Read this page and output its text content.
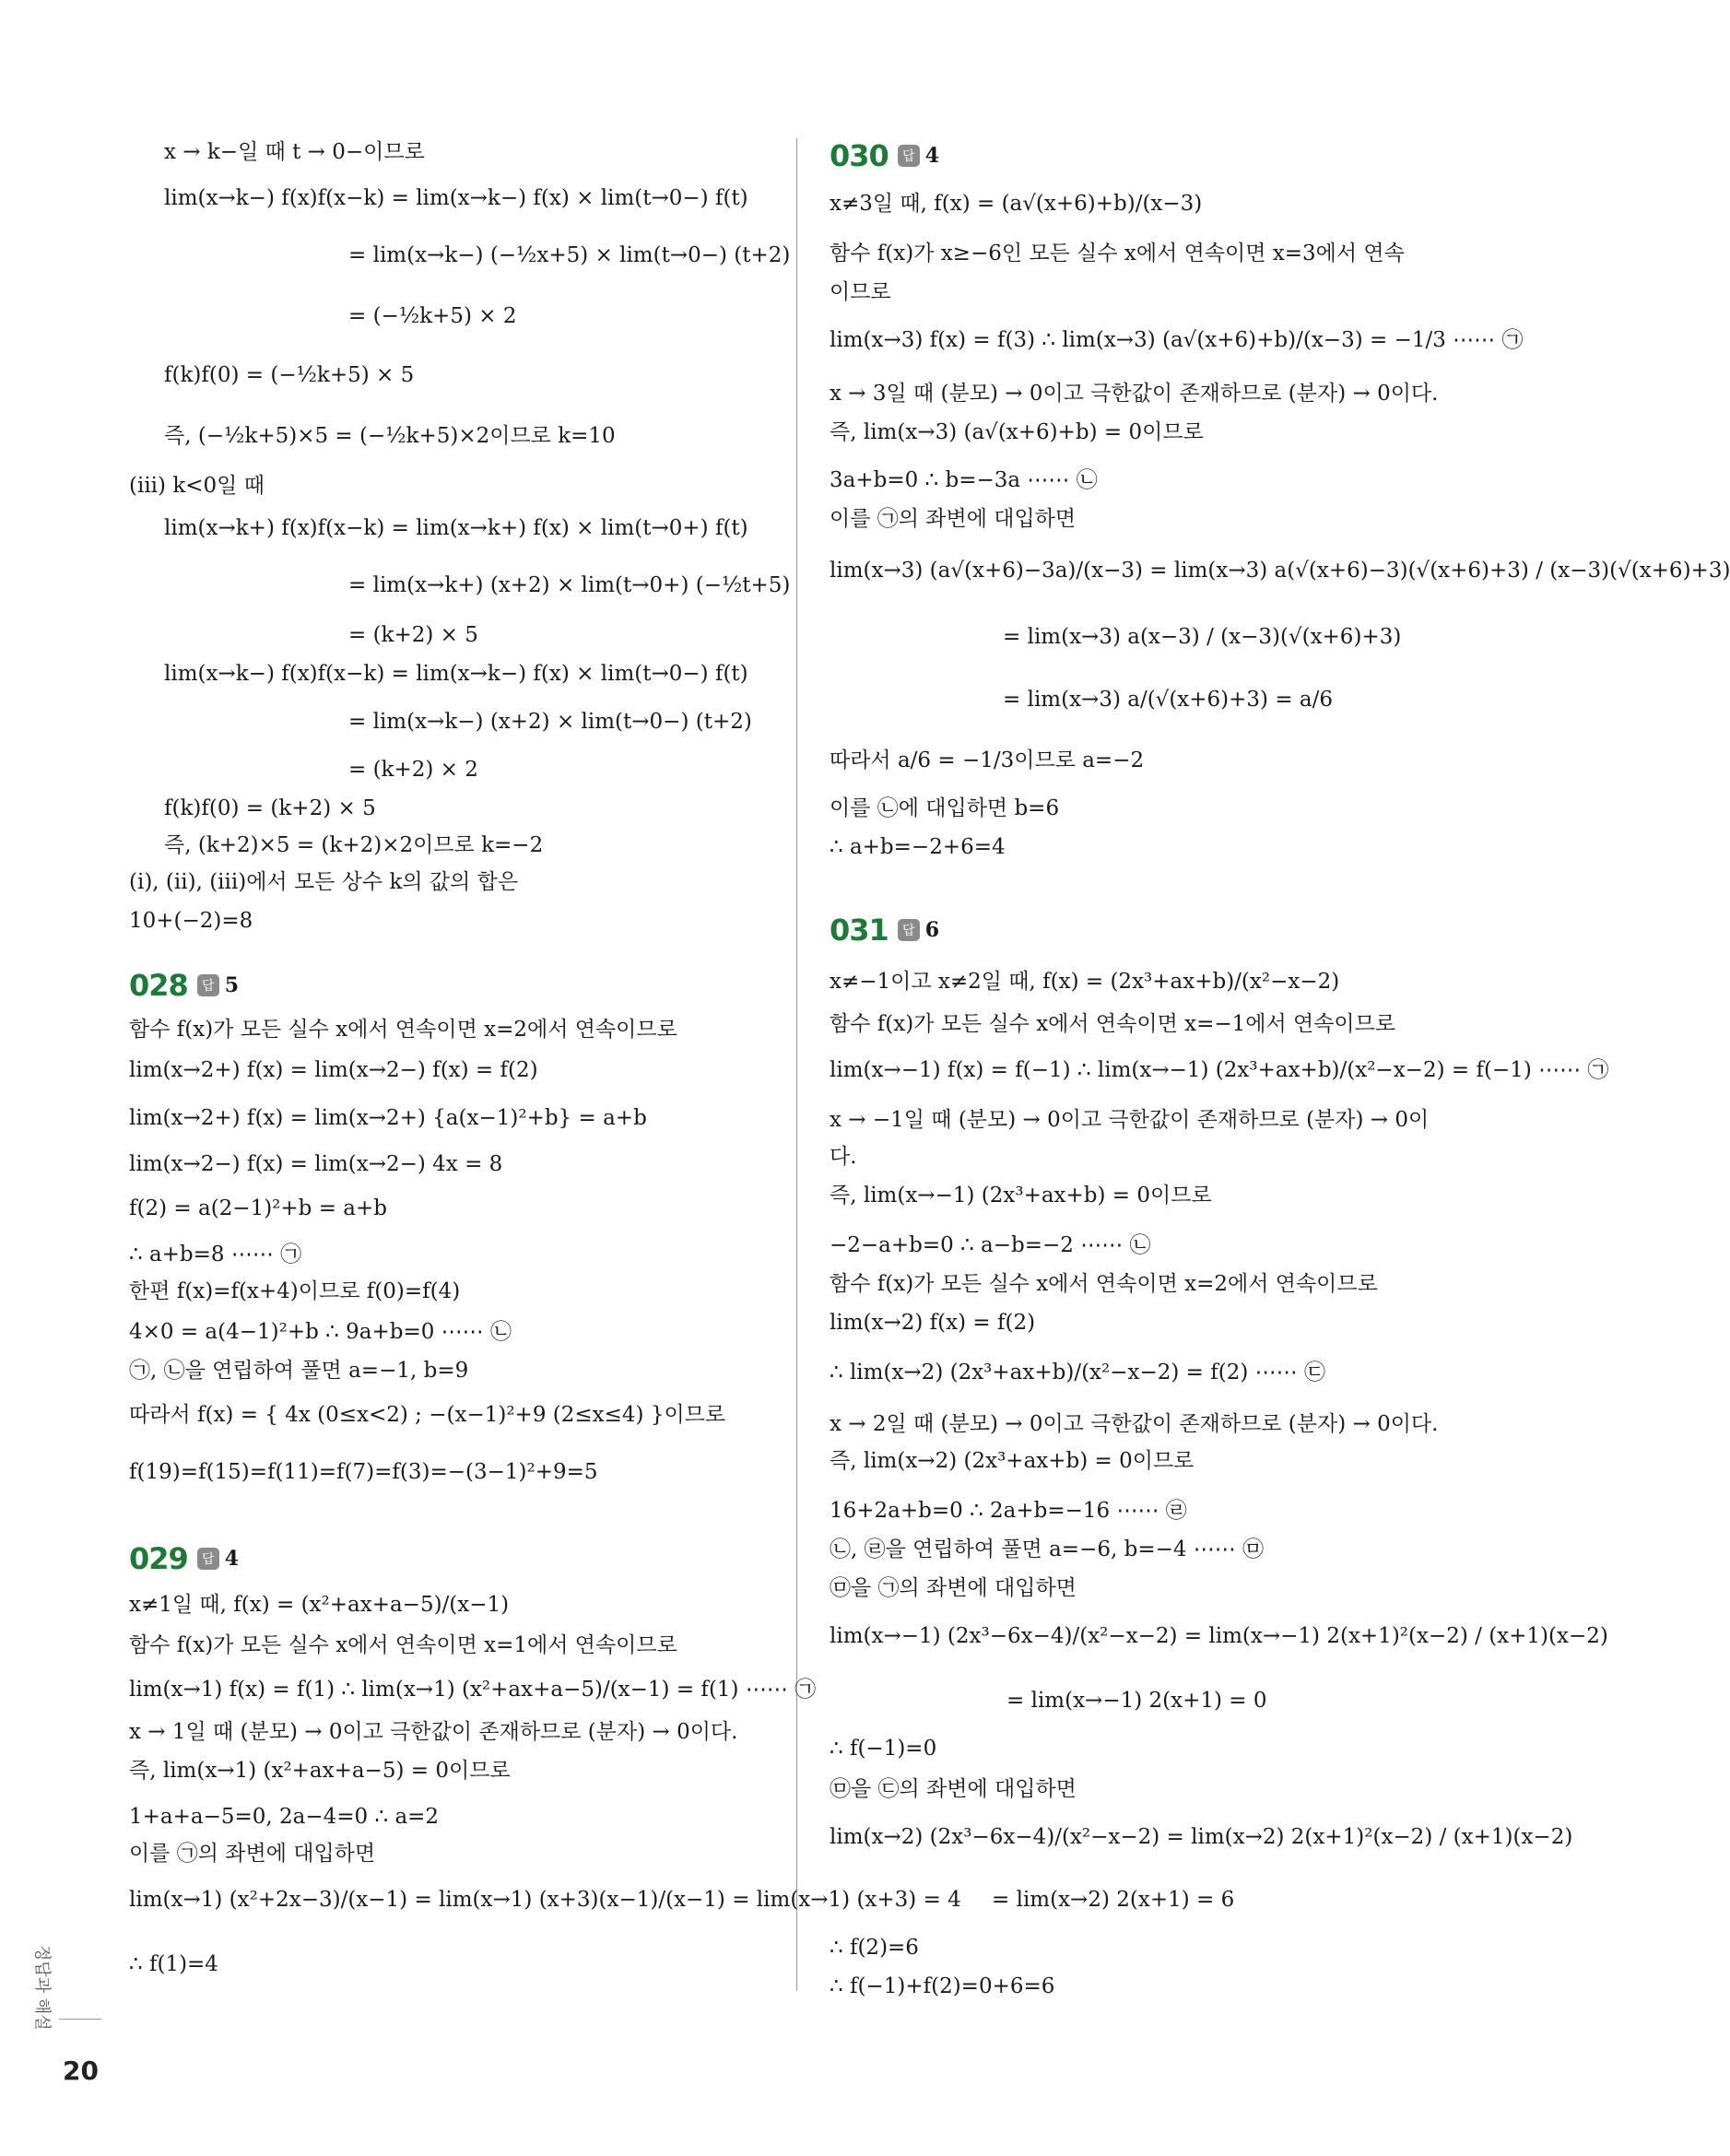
028	답 5
029	답 4
x → k−일 때 t → 0−이므로
lim(x→k−) f(x)f(x−k) = lim(x→k−) f(x) × lim(t→0−) f(t)
= lim(x→k−) (−½x+5) × lim(t→0−) (t+2)
= (−½k+5) × 2
f(k)f(0) = (−½k+5) × 5
즉, (−½k+5)×5 = (−½k+5)×2이므로 k=10
(iii) k<0일 때
lim(x→k+) f(x)f(x−k) = lim(x→k+) f(x) × lim(t→0+) f(t)
= lim(x→k+) (x+2) × lim(t→0+) (−½t+5)
= (k+2) × 5
lim(x→k−) f(x)f(x−k) = lim(x→k−) f(x) × lim(t→0−) f(t)
= lim(x→k−) (x+2) × lim(t→0−) (t+2)
= (k+2) × 2
f(k)f(0) = (k+2) × 5
즉, (k+2)×5 = (k+2)×2이므로 k=−2
(i), (ii), (iii)에서 모든 상수 k의 값의 합은
10+(−2)=8
함수 f(x)가 모든 실수 x에서 연속이면 x=2에서 연속이므로
lim(x→2+) f(x) = lim(x→2−) f(x) = f(2)
lim(x→2+) f(x) = lim(x→2+) {a(x−1)²+b} = a+b
lim(x→2−) f(x) = lim(x→2−) 4x = 8
f(2) = a(2−1)²+b = a+b
∴ a+b=8 ⋯⋯ ㉠
한편 f(x)=f(x+4)이므로 f(0)=f(4)
4×0 = a(4−1)²+b ∴ 9a+b=0 ⋯⋯ ㉡
㉠, ㉡을 연립하여 풀면 a=−1, b=9
따라서 f(x) = { 4x (0≤x<2) ; −(x−1)²+9 (2≤x≤4) }이므로
f(19)=f(15)=f(11)=f(7)=f(3)=−(3−1)²+9=5
x≠1일 때, f(x) = (x²+ax+a−5)/(x−1)
함수 f(x)가 모든 실수 x에서 연속이면 x=1에서 연속이므로
lim(x→1) f(x) = f(1) ∴ lim(x→1) (x²+ax+a−5)/(x−1) = f(1) ⋯⋯ ㉠
x → 1일 때 (분모) → 0이고 극한값이 존재하므로 (분자) → 0이다.
즉, lim(x→1) (x²+ax+a−5) = 0이므로
1+a+a−5=0, 2a−4=0 ∴ a=2
이를 ㉠의 좌변에 대입하면
lim(x→1) (x²+2x−3)/(x−1) = lim(x→1) (x+3)(x−1)/(x−1) = lim(x→1) (x+3) = 4
∴ f(1)=4
030	답 4
031	답 6
x≠3일 때, f(x) = (a√(x+6)+b)/(x−3)
함수 f(x)가 x≥−6인 모든 실수 x에서 연속이면 x=3에서 연속
이므로
lim(x→3) f(x) = f(3) ∴ lim(x→3) (a√(x+6)+b)/(x−3) = −1/3 ⋯⋯ ㉠
x → 3일 때 (분모) → 0이고 극한값이 존재하므로 (분자) → 0이다.
즉, lim(x→3) (a√(x+6)+b) = 0이므로
3a+b=0 ∴ b=−3a ⋯⋯ ㉡
이를 ㉠의 좌변에 대입하면
lim(x→3) (a√(x+6)−3a)/(x−3) = lim(x→3) a(√(x+6)−3)(√(x+6)+3) / (x−3)(√(x+6)+3)
= lim(x→3) a(x−3) / (x−3)(√(x+6)+3)
= lim(x→3) a/(√(x+6)+3) = a/6
따라서 a/6 = −1/3이므로 a=−2
이를 ㉡에 대입하면 b=6
∴ a+b=−2+6=4
x≠−1이고 x≠2일 때, f(x) = (2x³+ax+b)/(x²−x−2)
함수 f(x)가 모든 실수 x에서 연속이면 x=−1에서 연속이므로
lim(x→−1) f(x) = f(−1) ∴ lim(x→−1) (2x³+ax+b)/(x²−x−2) = f(−1) ⋯⋯ ㉠
x → −1일 때 (분모) → 0이고 극한값이 존재하므로 (분자) → 0이
다.
즉, lim(x→−1) (2x³+ax+b) = 0이므로
−2−a+b=0 ∴ a−b=−2 ⋯⋯ ㉡
함수 f(x)가 모든 실수 x에서 연속이면 x=2에서 연속이므로
lim(x→2) f(x) = f(2)
∴ lim(x→2) (2x³+ax+b)/(x²−x−2) = f(2) ⋯⋯ ㉢
x → 2일 때 (분모) → 0이고 극한값이 존재하므로 (분자) → 0이다.
즉, lim(x→2) (2x³+ax+b) = 0이므로
16+2a+b=0 ∴ 2a+b=−16 ⋯⋯ ㉣
㉡, ㉣을 연립하여 풀면 a=−6, b=−4 ⋯⋯ ㉤
㉤을 ㉠의 좌변에 대입하면
lim(x→−1) (2x³−6x−4)/(x²−x−2) = lim(x→−1) 2(x+1)²(x−2) / (x+1)(x−2)
= lim(x→−1) 2(x+1) = 0
∴ f(−1)=0
㉤을 ㉢의 좌변에 대입하면
lim(x→2) (2x³−6x−4)/(x²−x−2) = lim(x→2) 2(x+1)²(x−2) / (x+1)(x−2)
= lim(x→2) 2(x+1) = 6
∴ f(2)=6
∴ f(−1)+f(2)=0+6=6
정답과 해설
20
